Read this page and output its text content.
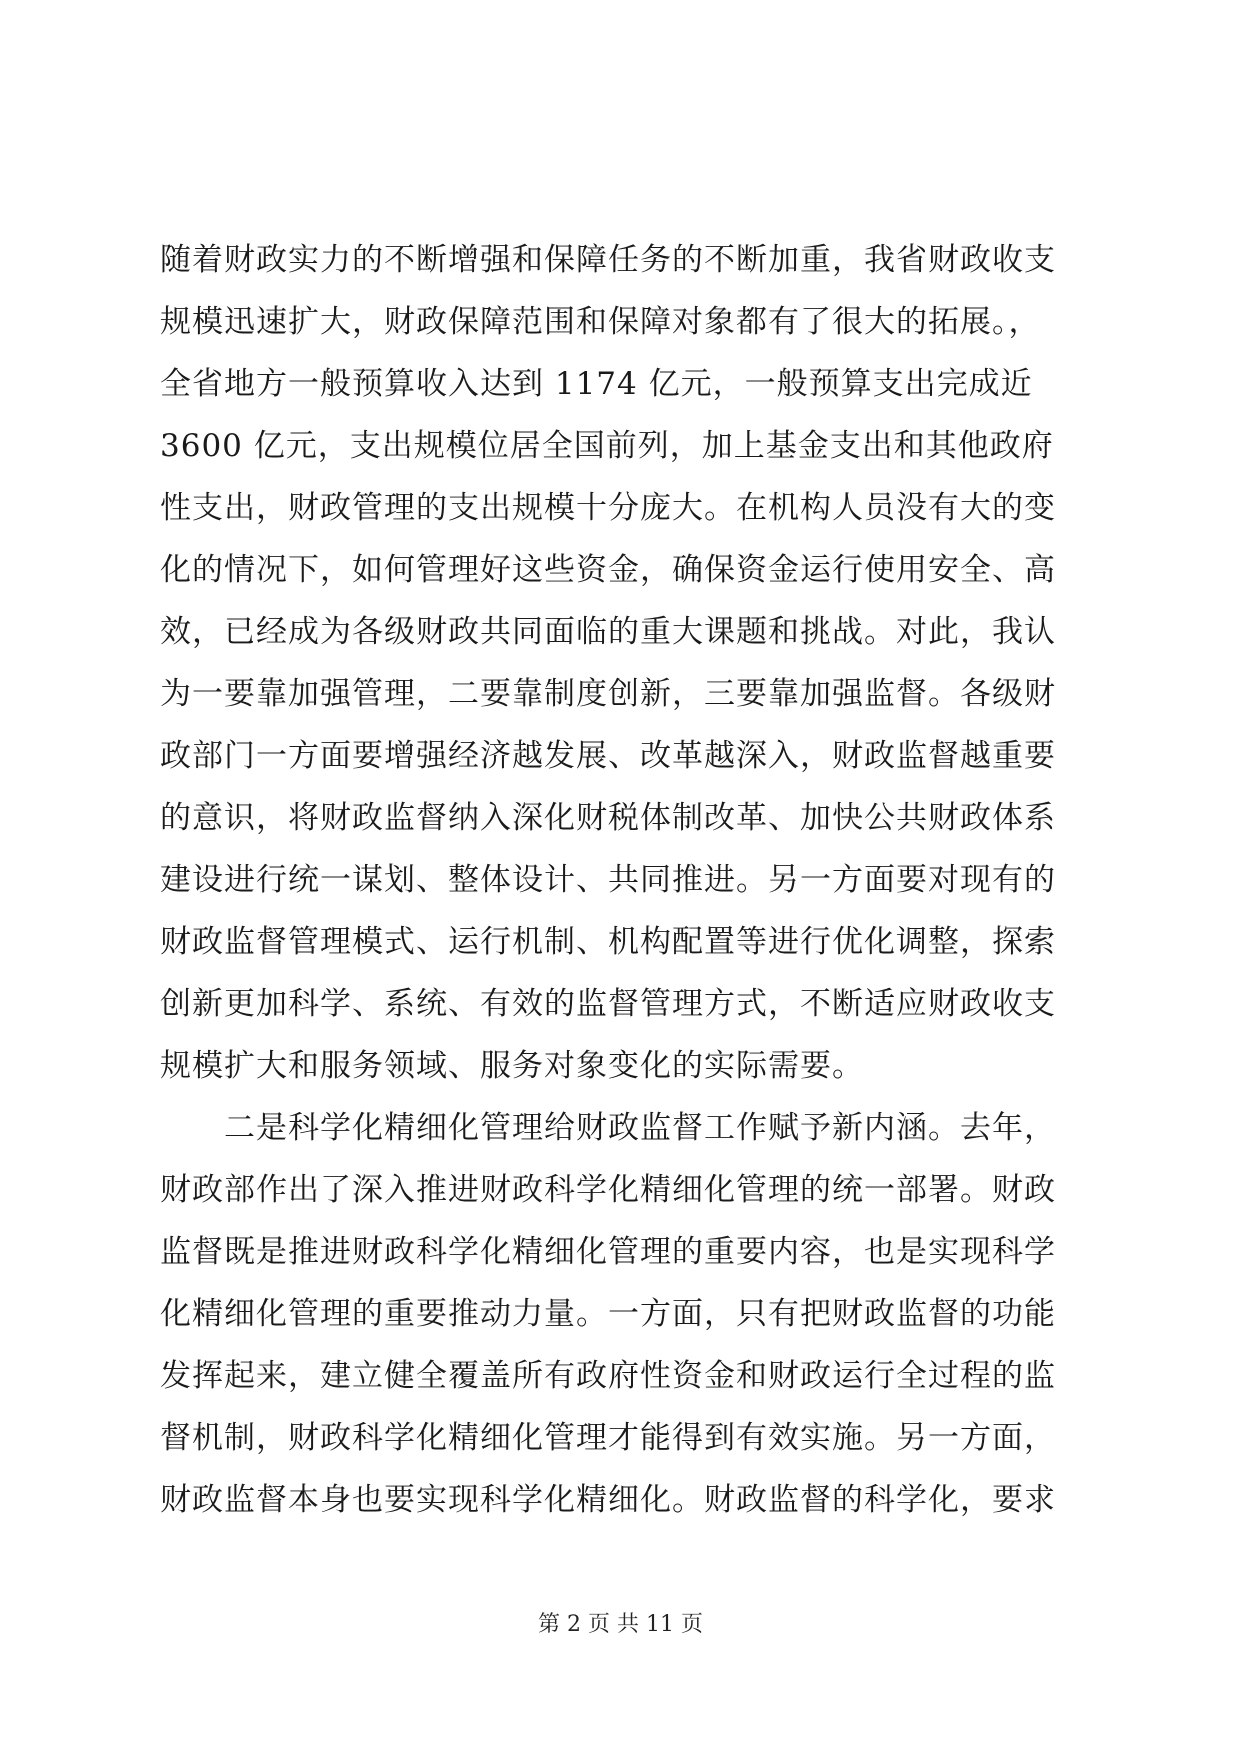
随着财政实力的不断增强和保障任务的不断加重，我省财政收支
规模迅速扩大，财政保障范围和保障对象都有了很大的拓展。，
全省地方一般预算收入达到 1174 亿元，一般预算支出完成近
3600 亿元，支出规模位居全国前列，加上基金支出和其他政府
性支出，财政管理的支出规模十分庞大。在机构人员没有大的变
化的情况下，如何管理好这些资金，确保资金运行使用安全、高
效，已经成为各级财政共同面临的重大课题和挑战。对此，我认
为一要靠加强管理，二要靠制度创新，三要靠加强监督。各级财
政部门一方面要增强经济越发展、改革越深入，财政监督越重要
的意识，将财政监督纳入深化财税体制改革、加快公共财政体系
建设进行统一谋划、整体设计、共同推进。另一方面要对现有的
财政监督管理模式、运行机制、机构配置等进行优化调整，探索
创新更加科学、系统、有效的监督管理方式，不断适应财政收支
规模扩大和服务领域、服务对象变化的实际需要。
二是科学化精细化管理给财政监督工作赋予新内涵。去年，
财政部作出了深入推进财政科学化精细化管理的统一部署。财政
监督既是推进财政科学化精细化管理的重要内容，也是实现科学
化精细化管理的重要推动力量。一方面，只有把财政监督的功能
发挥起来，建立健全覆盖所有政府性资金和财政运行全过程的监
督机制，财政科学化精细化管理才能得到有效实施。另一方面，
财政监督本身也要实现科学化精细化。财政监督的科学化，要求
第 2 页 共 11 页
